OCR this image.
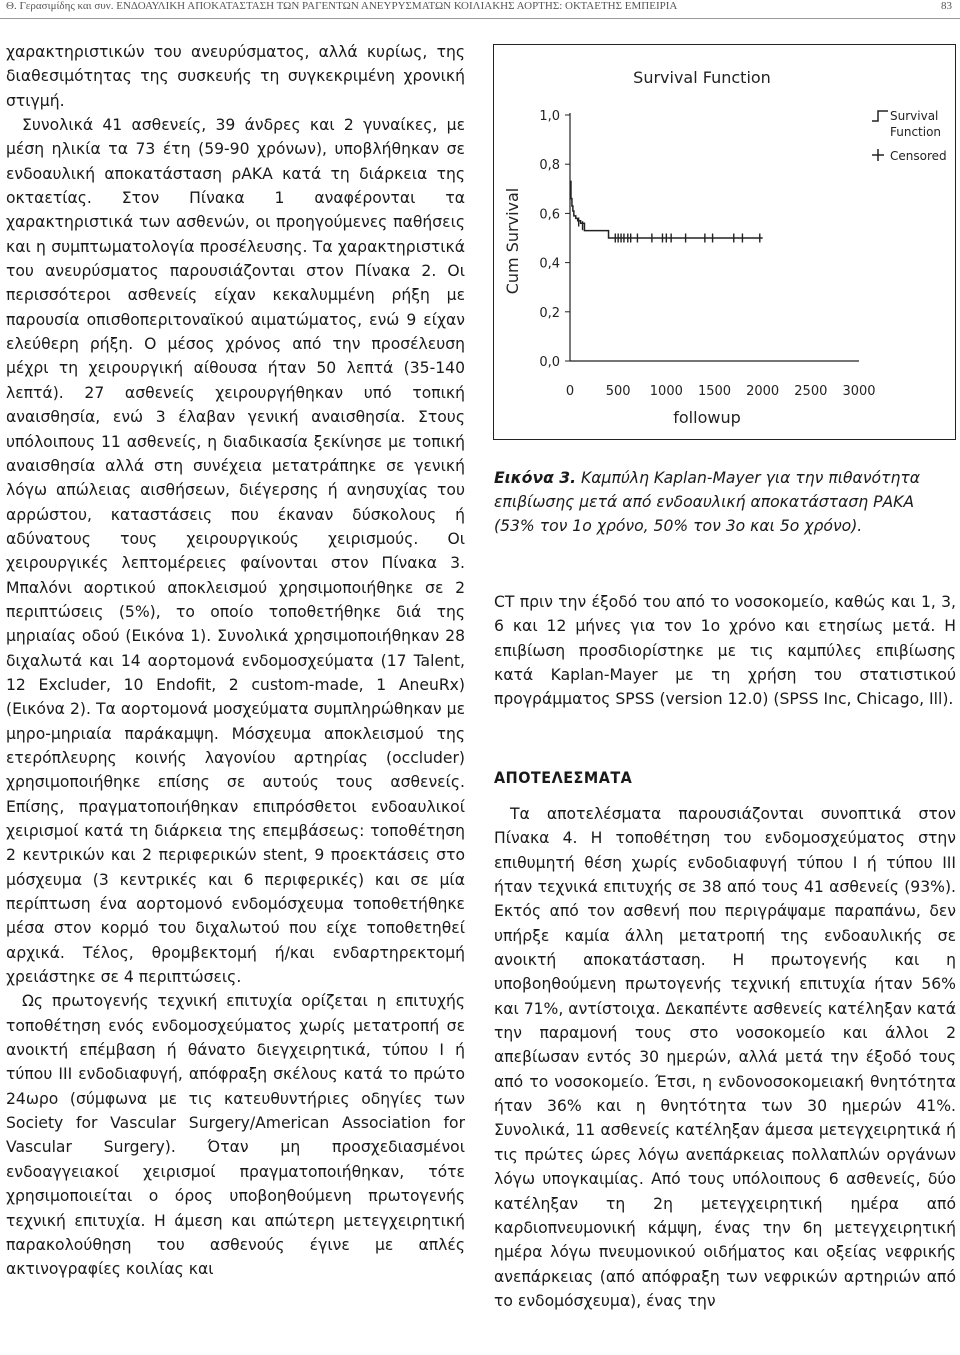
Θ. Γερασιμίδης και συν. ΕΝΔΟΑΥΛΙΚΗ ΑΠΟΚΑΤΑΣΤΑΣΗ ΤΩΝ ΡΑΓΕΝΤΩΝ ΑΝΕΥΡΥΣΜΑΤΩΝ ΚΟΙΛΙΑΚΗΣ ΑΟΡΤΗΣ: ΟΚΤΑΕΤΗΣ ΕΜΠΕΙΡΙΑ	83

χαρακτηριστικών του ανευρύσματος, αλλά κυρίως, της διαθεσιμότητας της συσκευής τη συγκεκριμένη χρονική στιγμή.

Συνολικά 41 ασθενείς, 39 άνδρες και 2 γυναίκες, με μέση ηλικία τα 73 έτη (59-90 χρόνων), υποβλήθηκαν σε ενδοαυλική αποκατάσταση ρΑΚΑ κατά τη διάρκεια της οκταετίας. Στον Πίνακα 1 αναφέρονται τα χαρακτηριστικά των ασθενών, οι προηγούμενες παθήσεις και η συμπτωματολογία προσέλευσης. Τα χαρακτηριστικά του ανευρύσματος παρουσιάζονται στον Πίνακα 2. Οι περισσότεροι ασθενείς είχαν κεκαλυμμένη ρήξη με παρουσία οπισθοπεριτοναϊκού αιματώματος, ενώ 9 είχαν ελεύθερη ρήξη. Ο μέσος χρόνος από την προσέλευση μέχρι τη χειρουργική αίθουσα ήταν 50 λεπτά (35-140 λεπτά). 27 ασθενείς χειρουργήθηκαν υπό τοπική αναισθησία, ενώ 3 έλαβαν γενική αναισθησία. Στους υπόλοιπους 11 ασθενείς, η διαδικασία ξεκίνησε με τοπική αναισθησία αλλά στη συνέχεια μετατράπηκε σε γενική λόγω απώλειας αισθήσεων, διέγερσης ή ανησυχίας του αρρώστου, καταστάσεις που έκαναν δύσκολους ή αδύνατους τους χειρουργικούς χειρισμούς. Οι χειρουργικές λεπτομέρειες φαίνονται στον Πίνακα 3. Μπαλόνι αορτικού αποκλεισμού χρησιμοποιήθηκε σε 2 περιπτώσεις (5%), το οποίο τοποθετήθηκε διά της μηριαίας οδού (Εικόνα 1). Συνολικά χρησιμοποιήθηκαν 28 διχαλωτά και 14 αορτομονά ενδομοσχεύματα (17 Talent, 12 Excluder, 10 Endofit, 2 custom-made, 1 AneuRx) (Εικόνα 2). Τα αορτομονά μοσχεύματα συμπληρώθηκαν με μηρο-μηριαία παράκαμψη. Μόσχευμα αποκλεισμού της ετερόπλευρης κοινής λαγονίου αρτηρίας (occluder) χρησιμοποιήθηκε επίσης σε αυτούς τους ασθενείς. Επίσης, πραγματοποιήθηκαν επιπρόσθετοι ενδοαυλικοί χειρισμοί κατά τη διάρκεια της επεμβάσεως: τοποθέτηση 2 κεντρικών και 2 περιφερικών stent, 9 προεκτάσεις στο μόσχευμα (3 κεντρικές και 6 περιφερικές) και σε μία περίπτωση ένα αορτομονό ενδομόσχευμα τοποθετήθηκε μέσα στον κορμό του διχαλωτού που είχε τοποθετηθεί αρχικά. Τέλος, θρομβεκτομή ή/και ενδαρτηρεκτομή χρειάστηκε σε 4 περιπτώσεις.

Ως πρωτογενής τεχνική επιτυχία ορίζεται η επιτυχής τοποθέτηση ενός ενδομοσχεύματος χωρίς μετατροπή σε ανοικτή επέμβαση ή θάνατο διεγχειρητικά, τύπου Ι ή τύπου ΙΙΙ ενδοδιαφυγή, απόφραξη σκέλους κατά το πρώτο 24ωρο (σύμφωνα με τις κατευθυντήριες οδηγίες των Society for Vascular Surgery/American Association for Vascular Surgery). Όταν μη προσχεδιασμένοι ενδοαγγειακοί χειρισμοί πραγματοποιήθηκαν, τότε χρησιμοποιείται ο όρος υποβοηθούμενη πρωτογενής τεχνική επιτυχία. Η άμεση και απώτερη μετεγχειρητική παρακολούθηση του ασθενούς έγινε με απλές ακτινογραφίες κοιλίας και

Survival Function
Cum Survival
followup
0,0
0,2
0,4
0,6
0,8
1,0
0 500 1000 1500 2000 2500 3000
Survival
Function
Censored
Εικόνα 3. Καμπύλη Kaplan-Mayer για την πιθανότητα επιβίωσης μετά από ενδοαυλική αποκατάσταση ΡΑΚΑ (53% τον 1ο χρόνο, 50% τον 3ο και 5ο χρόνο).

CT πριν την έξοδό του από το νοσοκομείο, καθώς και 1, 3, 6 και 12 μήνες για τον 1ο χρόνο και ετησίως μετά. Η επιβίωση προσδιορίστηκε με τις καμπύλες επιβίωσης κατά Kaplan-Mayer με τη χρήση του στατιστικού προγράμματος SPSS (version 12.0) (SPSS Inc, Chicago, Ill).

ΑΠΟΤΕΛΕΣΜΑΤΑ

Τα αποτελέσματα παρουσιάζονται συνοπτικά στον Πίνακα 4. Η τοποθέτηση του ενδομοσχεύματος στην επιθυμητή θέση χωρίς ενδοδιαφυγή τύπου Ι ή τύπου ΙΙΙ ήταν τεχνικά επιτυχής σε 38 από τους 41 ασθενείς (93%). Εκτός από τον ασθενή που περιγράψαμε παραπάνω, δεν υπήρξε καμία άλλη μετατροπή της ενδοαυλικής σε ανοικτή αποκατάσταση. Η πρωτογενής και η υποβοηθούμενη πρωτογενής τεχνική επιτυχία ήταν 56% και 71%, αντίστοιχα. Δεκαπέντε ασθενείς κατέληξαν κατά την παραμονή τους στο νοσοκομείο και άλλοι 2 απεβίωσαν εντός 30 ημερών, αλλά μετά την έξοδό τους από το νοσοκομείο. Έτσι, η ενδονοσοκομειακή θνητότητα ήταν 36% και η θνητότητα των 30 ημερών 41%. Συνολικά, 11 ασθενείς κατέληξαν άμεσα μετεγχειρητικά ή τις πρώτες ώρες λόγω ανεπάρκειας πολλαπλών οργάνων λόγω υπογκαιμίας. Από τους υπόλοιπους 6 ασθενείς, δύο κατέληξαν τη 2η μετεγχειρητική ημέρα από καρδιοπνευμονική κάμψη, ένας την 6η μετεγχειρητική ημέρα λόγω πνευμονικού οιδήματος και οξείας νεφρικής ανεπάρκειας (από απόφραξη των νεφρικών αρτηριών από το ενδομόσχευμα), ένας την
